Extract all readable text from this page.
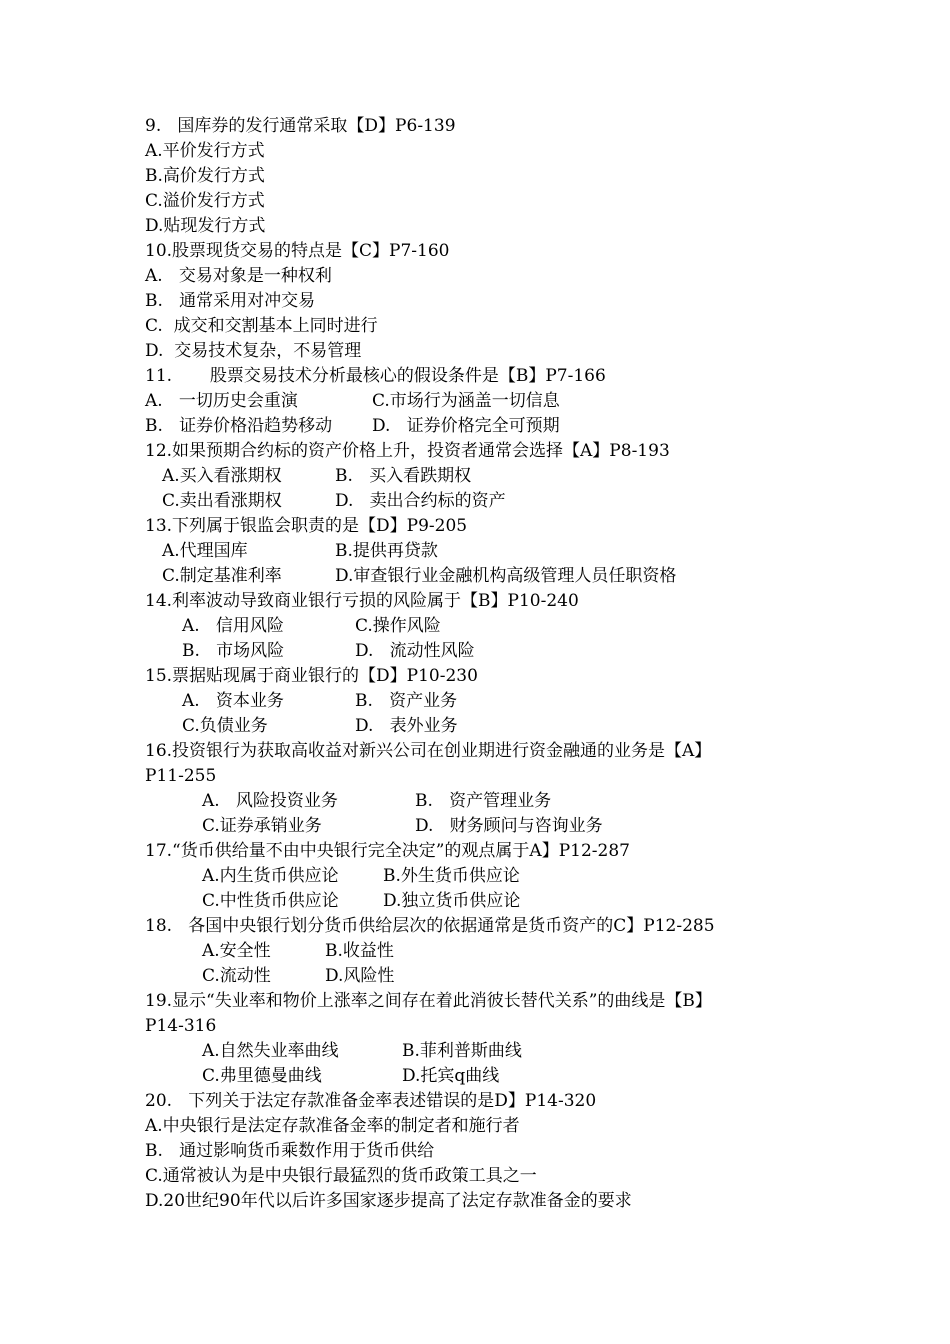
9.   国库券的发行通常采取【D】P6-139
A.平价发行方式
B.高价发行方式
C.溢价发行方式
D.贴现发行方式
10.股票现货交易的特点是【C】P7-160
A.   交易对象是一种权利
B.   通常采用对冲交易
C.  成交和交割基本上同时进行
D.  交易技术复杂，不易管理
11.       股票交易技术分析最核心的假设条件是【B】P7-166
A.   一切历史会重演	C.市场行为涵盖一切信息
B.   证券价格沿趋势移动 D.   证券价格完全可预期
12.如果预期合约标的资产价格上升，投资者通常会选择【A】P8-193
A.买入看涨期权	B.   买入看跌期权
C.卖出看涨期权	D.   卖出合约标的资产
13.下列属于银监会职责的是【D】P9-205
A.代理国库	B.提供再贷款
C.制定基准利率	D.审查银行业金融机构高级管理人员任职资格
14.利率波动导致商业银行亏损的风险属于【B】P10-240
A.   信用风险	C.操作风险
B.   市场风险	D.   流动性风险
15.票据贴现属于商业银行的【D】P10-230
A.   资本业务	B.   资产业务
C.负债业务	D.   表外业务
16.投资银行为获取高收益对新兴公司在创业期进行资金融通的业务是【A】
P11-255
A.   风险投资业务	B.   资产管理业务
C.证券承销业务	D.   财务顾问与咨询业务
17.“货币供给量不由中央银行完全决定”的观点属于A】P12-287
A.内生货币供应论	B.外生货币供应论
C.中性货币供应论	D.独立货币供应论
18.   各国中央银行划分货币供给层次的依据通常是货币资产的C】P12-285
A.安全性	B.收益性
C.流动性	D.风险性
19.显示“失业率和物价上涨率之间存在着此消彼长替代关系”的曲线是【B】
P14-316
A.自然失业率曲线	B.菲利普斯曲线
C.弗里德曼曲线	D.托宾q曲线
20.   下列关于法定存款准备金率表述错误的是D】P14-320
A.中央银行是法定存款准备金率的制定者和施行者
B.   通过影响货币乘数作用于货币供给
C.通常被认为是中央银行最猛烈的货币政策工具之一
D.20世纪90年代以后许多国家逐步提高了法定存款准备金的要求
